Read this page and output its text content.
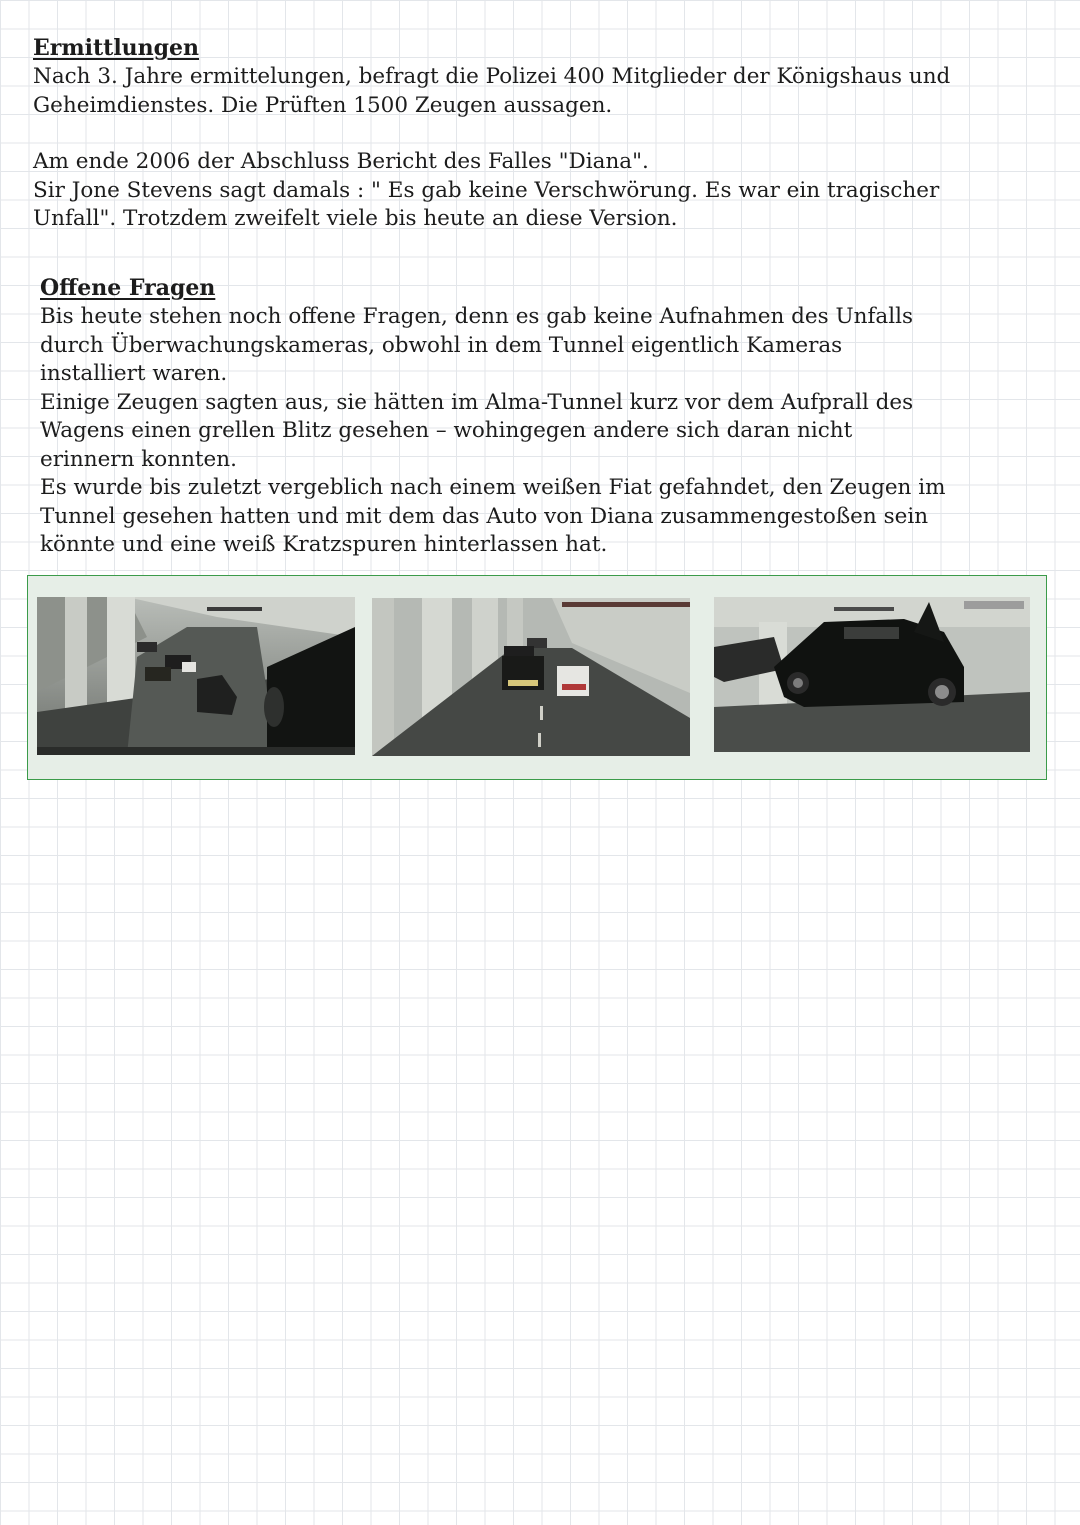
Ermittlungen

Nach 3. Jahre ermittelungen, befragt die Polizei 400 Mitglieder der Königshaus und
Geheimdienstes. Die Prüften 1500 Zeugen aussagen.

Am ende 2006 der Abschluss Bericht des Falles "Diana".
Sir Jone Stevens sagt damals : " Es gab keine Verschwörung. Es war ein tragischer
Unfall". Trotzdem zweifelt viele bis heute an diese Version.

Offene Fragen

Bis heute stehen noch offene Fragen, denn es gab keine Aufnahmen des Unfalls
durch Überwachungskameras, obwohl in dem Tunnel eigentlich Kameras
installiert waren.

Einige Zeugen sagten aus, sie hätten im Alma-Tunnel kurz vor dem Aufprall des
Wagens einen grellen Blitz gesehen – wohingegen andere sich daran nicht
erinnern konnten.

Es wurde bis zuletzt vergeblich nach einem weißen Fiat gefahndet, den Zeugen im
Tunnel gesehen hatten und mit dem das Auto von Diana zusammengestoßen sein
könnte und eine weiß Kratzspuren hinterlassen hat.
